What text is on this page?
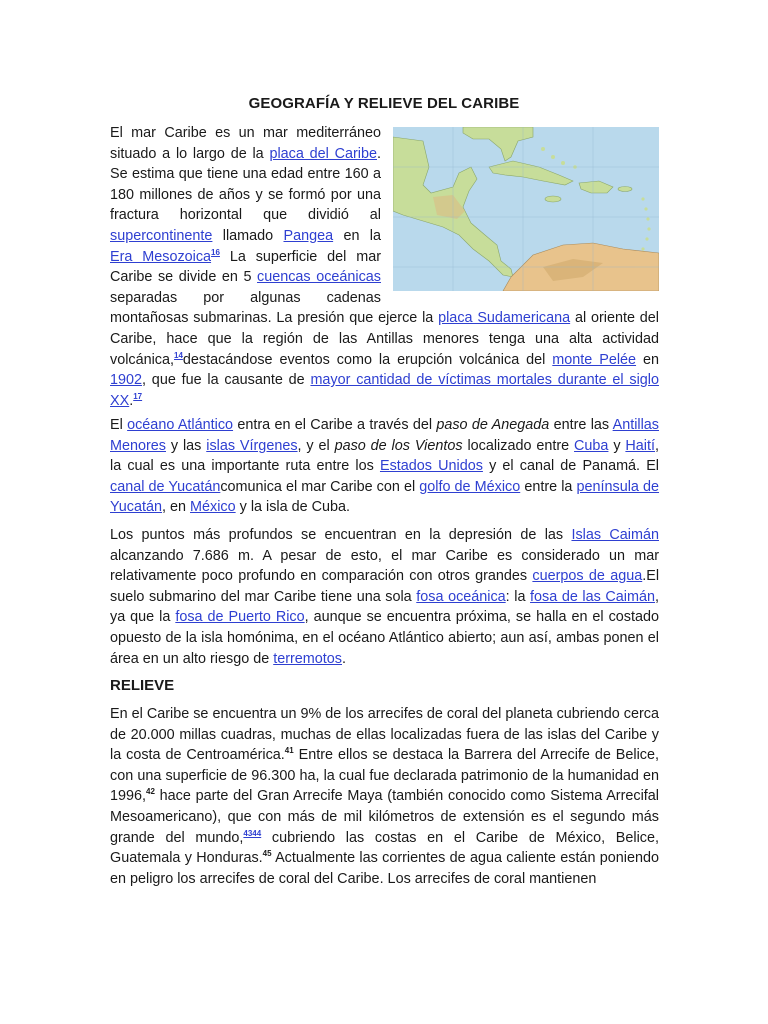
GEOGRAFÍA Y RELIEVE DEL CARIBE

El mar Caribe es un mar mediterráneo situado a lo largo de la placa del Caribe. Se estima que tiene una edad entre 160 a 180 millones de años y se formó por una fractura horizontal que dividió al supercontinente llamado Pangea en la Era Mesozoica$^{16}$ La superficie del mar Caribe se divide en 5 cuencas oceánicas separadas por algunas cadenas montañosas submarinas. La presión que ejerce la placa Sudamericana al oriente del Caribe, hace que la región de las Antillas menores tenga una alta actividad volcánica,$^{14}$destacándose eventos como la erupción volcánica del monte Pelée en 1902, que fue la causante de mayor cantidad de víctimas mortales durante el siglo XX.$^{17}$

El océano Atlántico entra en el Caribe a través del paso de Anegada entre las Antillas Menores y las islas Vírgenes, y el paso de los Vientos localizado entre Cuba y Haití, la cual es una importante ruta entre los Estados Unidos y el canal de Panamá. El canal de Yucatáncomunica el mar Caribe con el golfo de México entre la península de Yucatán, en México y la isla de Cuba.

Los puntos más profundos se encuentran en la depresión de las Islas Caimán alcanzando 7.686 m. A pesar de esto, el mar Caribe es considerado un mar relativamente poco profundo en comparación con otros grandes cuerpos de agua.El suelo submarino del mar Caribe tiene una sola fosa oceánica: la fosa de las Caimán, ya que la fosa de Puerto Rico, aunque se encuentra próxima, se halla en el costado opuesto de la isla homónima, en el océano Atlántico abierto; aun así, ambas ponen el área en un alto riesgo de terremotos.

RELIEVE

En el Caribe se encuentra un 9% de los arrecifes de coral del planeta cubriendo cerca de 20.000 millas cuadras, muchas de ellas localizadas fuera de las islas del Caribe y la costa de Centroamérica.$^{41}$ Entre ellos se destaca la Barrera del Arrecife de Belice, con una superficie de 96.300 ha, la cual fue declarada patrimonio de la humanidad en 1996,42 hace parte del Gran Arrecife Maya (también conocido como Sistema Arrecifal Mesoamericano), que con más de mil kilómetros de extensión es el segundo más grande del mundo,$^{4344}$ cubriendo las costas en el Caribe de México, Belice, Guatemala y Honduras.$^{45}$ Actualmente las corrientes de agua caliente están poniendo en peligro los arrecifes de coral del Caribe. Los arrecifes de coral mantienen
